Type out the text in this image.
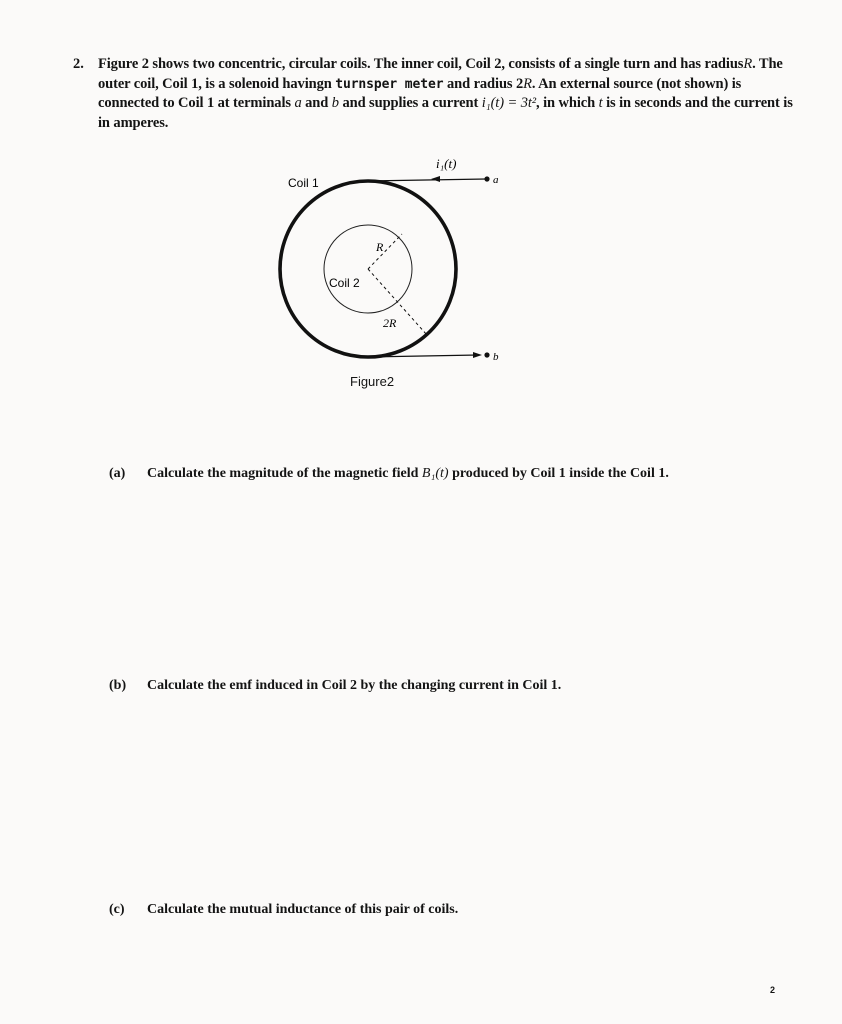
2. Figure 2 shows two concentric, circular coils. The inner coil, Coil 2, consists of a single turn and has radiusR. The
outer coil, Coil 1, is a solenoid havingn turnsper meter and radius 2R. An external source (not shown) is
connected to Coil 1 at terminals a and b and supplies a current i₁(t) = 3t², in which t is in seconds and the current is
in amperes.
Coil 1
Coil 2
i₁(t)
a
b
R
2R
Figure2
(a) Calculate the magnitude of the magnetic field B₁(t) produced by Coil 1 inside the Coil 1.
(b) Calculate the emf induced in Coil 2 by the changing current in Coil 1.
(c) Calculate the mutual inductance of this pair of coils.
2
